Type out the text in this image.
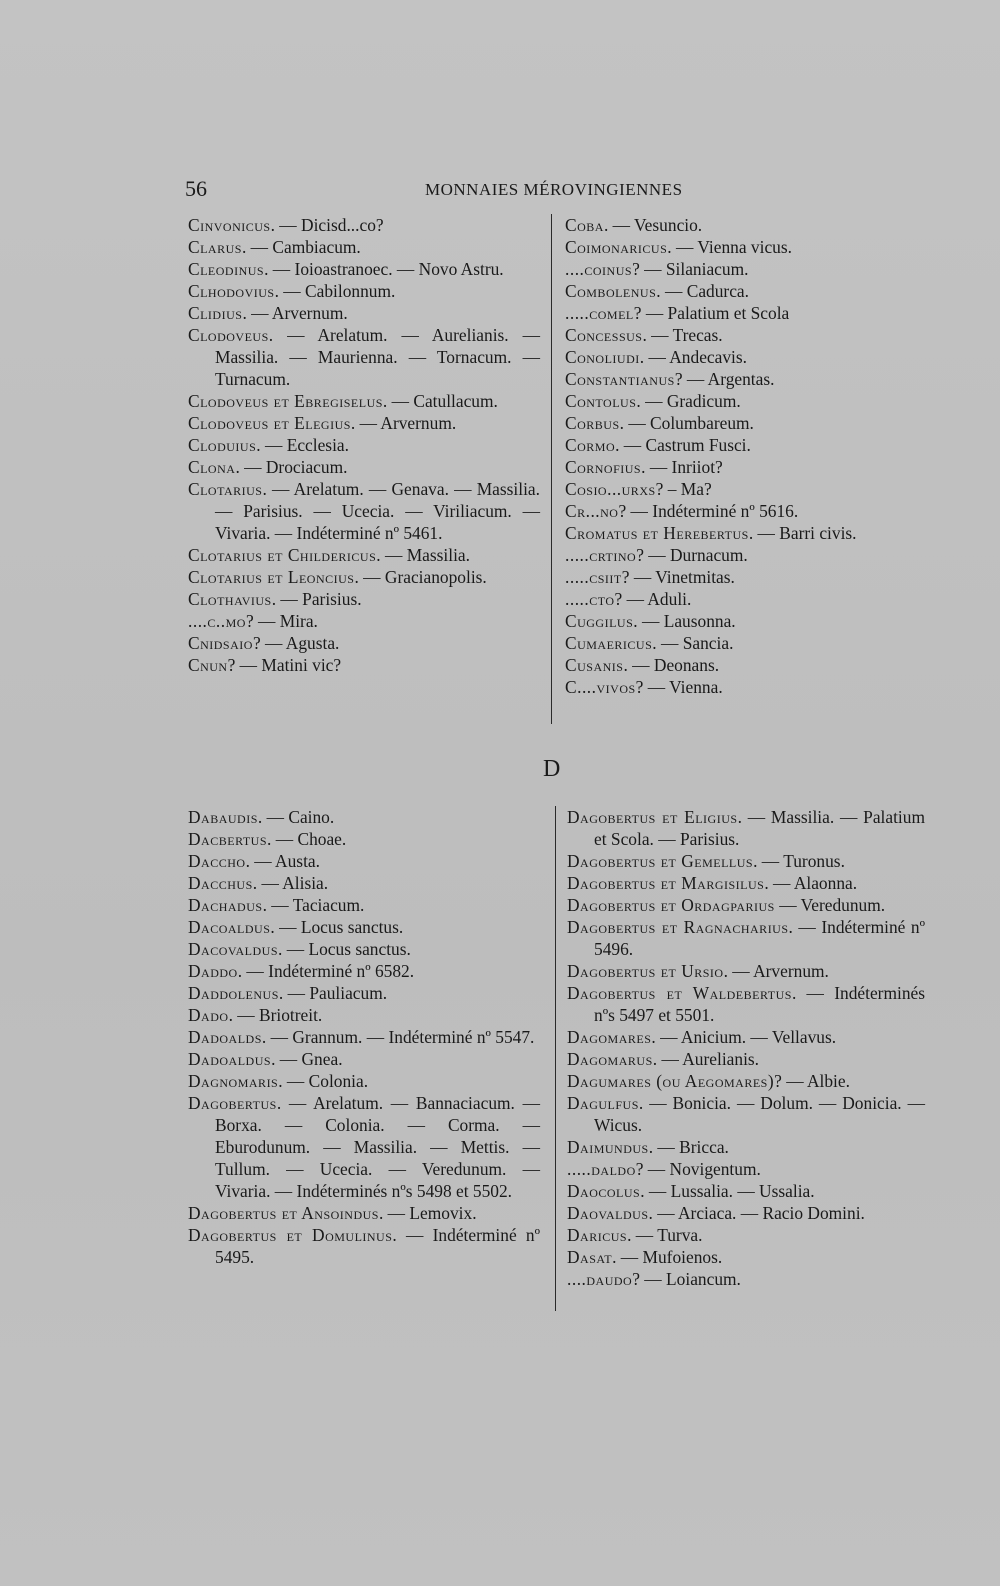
56	MONNAIES MÉROVINGIENNES

Cinvonicus. — Dicisd...co?

Clarus. — Cambiacum.

Cleodinus. — Ioioastranoec. — Novo Astru.

Clhodovius. — Cabilonnum.

Clidius. — Arvernum.

Clodoveus. — Arelatum. — Aurelianis. — Massilia. — Maurienna. — Tornacum. — Turnacum.

Clodoveus et Ebregiselus. — Catullacum.

Clodoveus et Elegius. — Arvernum.

Cloduius. — Ecclesia.

Clona. — Drociacum.

Clotarius. — Arelatum. — Genava. — Massilia. — Parisius. — Ucecia. — Viriliacum. — Vivaria. — Indéterminé nº 5461.

Clotarius et Childericus. — Massilia.

Clotarius et Leoncius. — Gracianopolis.

Clothavius. — Parisius.

....c..mo? — Mira.

Cnidsaio? — Agusta.

Cnun? — Matini vic?

Coba. — Vesuncio.

Coimonaricus. — Vienna vicus.

....coinus? — Silaniacum.

Combolenus. — Cadurca.

.....comel? — Palatium et Scola

Concessus. — Trecas.

Conoliudi. — Andecavis.

Constantianus? — Argentas.

Contolus. — Gradicum.

Corbus. — Columbareum.

Cormo. — Castrum Fusci.

Cornofius. — Inriiot?

Cosio...urxs? – Ma?

Cr...no? — Indéterminé nº 5616.

Cromatus et Herebertus. — Barri civis.

.....crtino? — Durnacum.

.....csiit? — Vinetmitas.

.....cto? — Aduli.

Cuggilus. — Lausonna.

Cumaericus. — Sancia.

Cusanis. — Deonans.

C....vivos? — Vienna.

D

Dabaudis. — Caino.

Dacbertus. — Choae.

Daccho. — Austa.

Dacchus. — Alisia.

Dachadus. — Taciacum.

Dacoaldus. — Locus sanctus.

Dacovaldus. — Locus sanctus.

Daddo. — Indéterminé nº 6582.

Daddolenus. — Pauliacum.

Dado. — Briotreit.

Dadoalds. — Grannum. — Indéterminé nº 5547.

Dadoaldus. — Gnea.

Dagnomaris. — Colonia.

Dagobertus. — Arelatum. — Bannaciacum. — Borxa. — Colonia. — Corma. — Eburodunum. — Massilia. — Mettis. — Tullum. — Ucecia. — Veredunum. — Vivaria. — Indéterminés nºs 5498 et 5502.

Dagobertus et Ansoindus. — Lemovix.

Dagobertus et Domulinus. — Indéterminé nº 5495.

Dagobertus et Eligius. — Massilia. — Palatium et Scola. — Parisius.

Dagobertus et Gemellus. — Turonus.

Dagobertus et Margisilus. — Alaonna.

Dagobertus et Ordagparius — Veredunum.

Dagobertus et Ragnacharius. — Indéterminé nº 5496.

Dagobertus et Ursio. — Arvernum.

Dagobertus et Waldebertus. — Indéterminés nºs 5497 et 5501.

Dagomares. — Anicium. — Vellavus.

Dagomarus. — Aurelianis.

Dagumares (ou Aegomares)? — Albie.

Dagulfus. — Bonicia. — Dolum. — Donicia. — Wicus.

Daimundus. — Bricca.

.....daldo? — Novigentum.

Daocolus. — Lussalia. — Ussalia.

Daovaldus. — Arciaca. — Racio Domini.

Daricus. — Turva.

Dasat. — Mufoienos.

....daudo? — Loiancum.
